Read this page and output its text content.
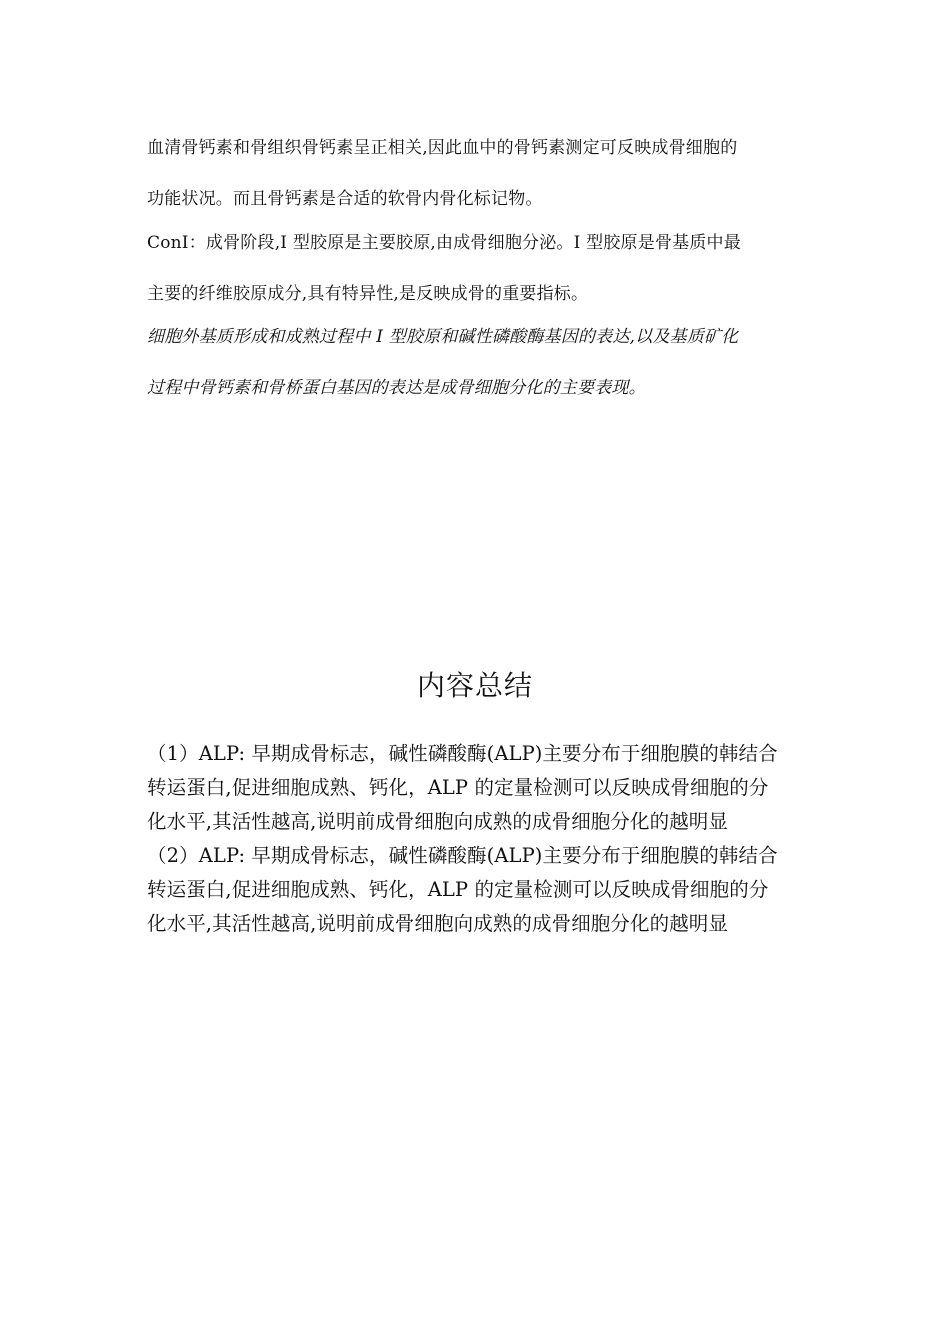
血清骨钙素和骨组织骨钙素呈正相关,因此血中的骨钙素测定可反映成骨细胞的
功能状况。而且骨钙素是合适的软骨内骨化标记物。
ConI：成骨阶段,I 型胶原是主要胶原,由成骨细胞分泌。I 型胶原是骨基质中最
主要的纤维胶原成分,具有特异性,是反映成骨的重要指标。
细胞外基质形成和成熟过程中 I 型胶原和碱性磷酸酶基因的表达,以及基质矿化
过程中骨钙素和骨桥蛋白基因的表达是成骨细胞分化的主要表现。
内容总结
（1）ALP: 早期成骨标志，碱性磷酸酶(ALP)主要分布于细胞膜的韩结合
转运蛋白,促进细胞成熟、钙化，ALP 的定量检测可以反映成骨细胞的分
化水平,其活性越高,说明前成骨细胞向成熟的成骨细胞分化的越明显
（2）ALP: 早期成骨标志，碱性磷酸酶(ALP)主要分布于细胞膜的韩结合
转运蛋白,促进细胞成熟、钙化，ALP 的定量检测可以反映成骨细胞的分
化水平,其活性越高,说明前成骨细胞向成熟的成骨细胞分化的越明显
